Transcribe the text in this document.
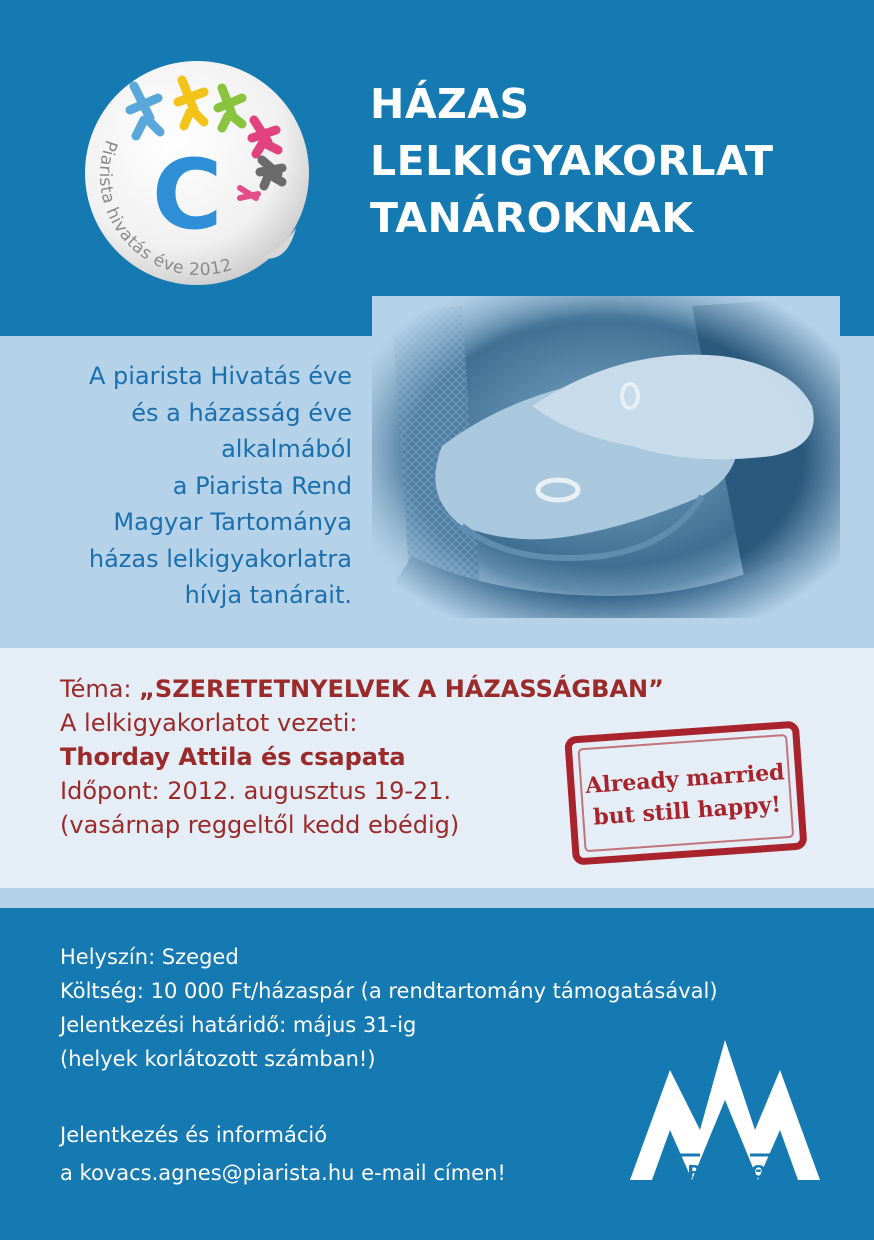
C
Piarista hivatás éve 2012
HÁZAS
LELKIGYAKORLAT
TANÁROKNAK
A piarista Hivatás éve
és a házasság éve
alkalmából
a Piarista Rend
Magyar Tartománya
házas lelkigyakorlatra
hívja tanárait.
Téma: „SZERETETNYELVEK A HÁZASSÁGBAN”
A lelkigyakorlatot vezeti:
Thorday Attila és csapata
Időpont: 2012. augusztus 19-21.
(vasárnap reggeltől kedd ebédig)
Already married
but still happy!
Helyszín: Szeged
Költség: 10 000 Ft/házaspár (a rendtartomány támogatásával)
Jelentkezési határidő: május 31-ig
(helyek korlátozott számban!)
Jelentkezés és információ
a kovacs.agnes@piarista.hu e-mail címen!	MP	ΘY
